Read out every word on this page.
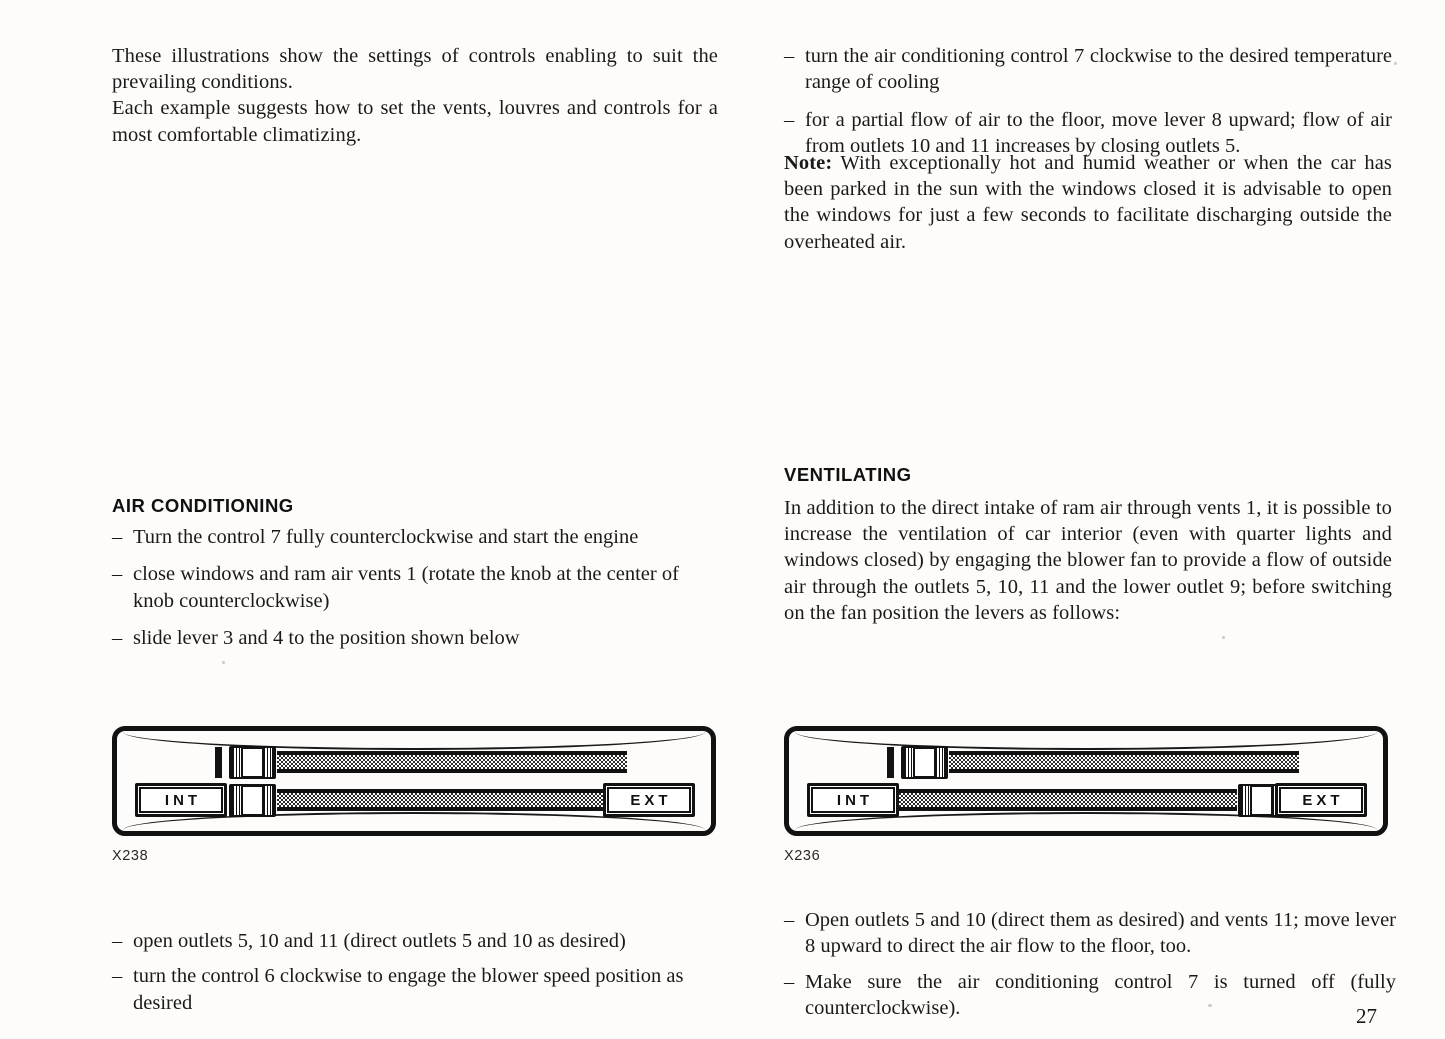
These illustrations show the settings of controls enabling to suit the prevailing conditions.
Each example suggests how to set the vents, louvres and controls for a most comfortable climatizing.
AIR CONDITIONING
– Turn the control 7 fully counterclockwise and start the engine
– close windows and ram air vents 1 (rotate the knob at the center of knob counterclockwise)
– slide lever 3 and 4 to the position shown below
INT	EXT
X238
– open outlets 5, 10 and 11 (direct outlets 5 and 10 as desired)
– turn the control 6 clockwise to engage the blower speed position as desired
– turn the air conditioning control 7 clockwise to the desired temperature range of cooling
– for a partial flow of air to the floor, move lever 8 upward; flow of air from outlets 10 and 11 increases by closing outlets 5.
Note: With exceptionally hot and humid weather or when the car has been parked in the sun with the windows closed it is advisable to open the windows for just a few seconds to facilitate discharging outside the overheated air.
VENTILATING
In addition to the direct intake of ram air through vents 1, it is possible to increase the ventilation of car interior (even with quarter lights and windows closed) by engaging the blower fan to provide a flow of outside air through the outlets 5, 10, 11 and the lower outlet 9; before switching on the fan position the levers as follows:
INT	EXT
X236
– Open outlets 5 and 10 (direct them as desired) and vents 11; move lever 8 upward to direct the air flow to the floor, too.
– Make sure the air conditioning control 7 is turned off (fully counterclockwise).	27
